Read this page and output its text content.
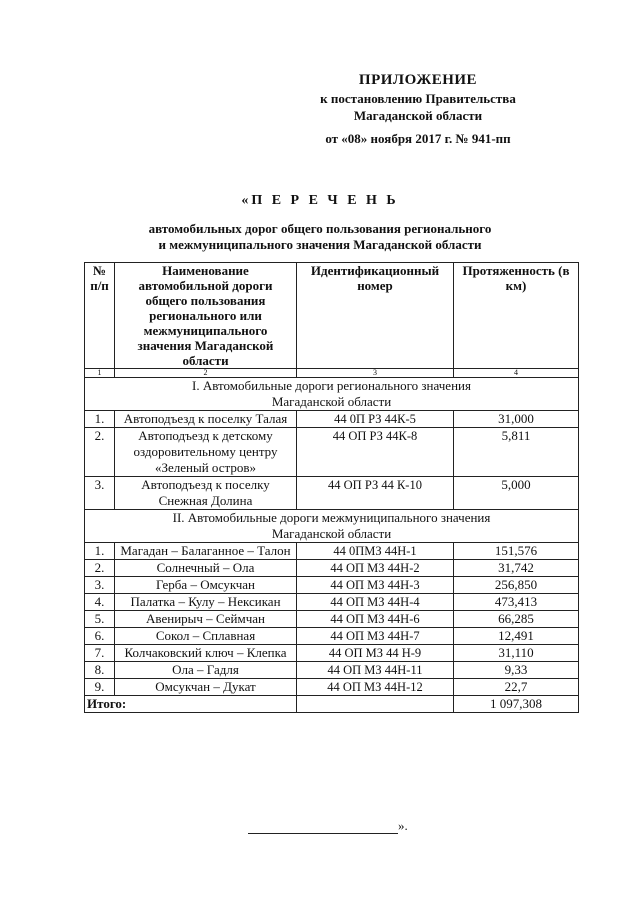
ПРИЛОЖЕНИЕ
к постановлению Правительства
Магаданской области
от «08» ноября 2017 г. № 941-пп
«П Е Р Е Ч Е Н Ь
автомобильных дорог общего пользования регионального
и межмуниципального значения Магаданской области
№ п/п	Наименование автомобильной дороги общего пользования регионального или межмуниципального значения Магаданской области	Идентификационный номер	Протяженность (в км)
1	2	3	4
I. Автомобильные дороги регионального значения Магаданской области			
1.	Автоподъезд к поселку Талая	44 0П РЗ 44К-5	31,000
2.	Автоподъезд к детскому оздоровительному центру «Зеленый остров»	44 ОП РЗ 44К-8	5,811
3.	Автоподъезд к поселку Снежная Долина	44 ОП РЗ 44 К-10	5,000
II. Автомобильные дороги межмуниципального значения Магаданской области			
1.	Магадан – Балаганное – Талон	44 0ПМЗ 44Н-1	151,576
2.	Солнечный – Ола	44 ОП МЗ 44Н-2	31,742
3.	Герба – Омсукчан	44 ОП МЗ 44Н-3	256,850
4.	Палатка – Кулу – Нексикан	44 ОП МЗ 44Н-4	473,413
5.	Авенирыч – Сеймчан	44 ОП МЗ 44Н-6	66,285
6.	Сокол – Сплавная	44 ОП МЗ 44Н-7	12,491
7.	Колчаковский ключ – Клепка	44 ОП МЗ 44 Н-9	31,110
8.	Ола – Гадля	44 ОП МЗ 44Н-11	9,33
9.	Омсукчан – Дукат	44 ОП МЗ 44Н-12	22,7
Итого:			1 097,308
».
